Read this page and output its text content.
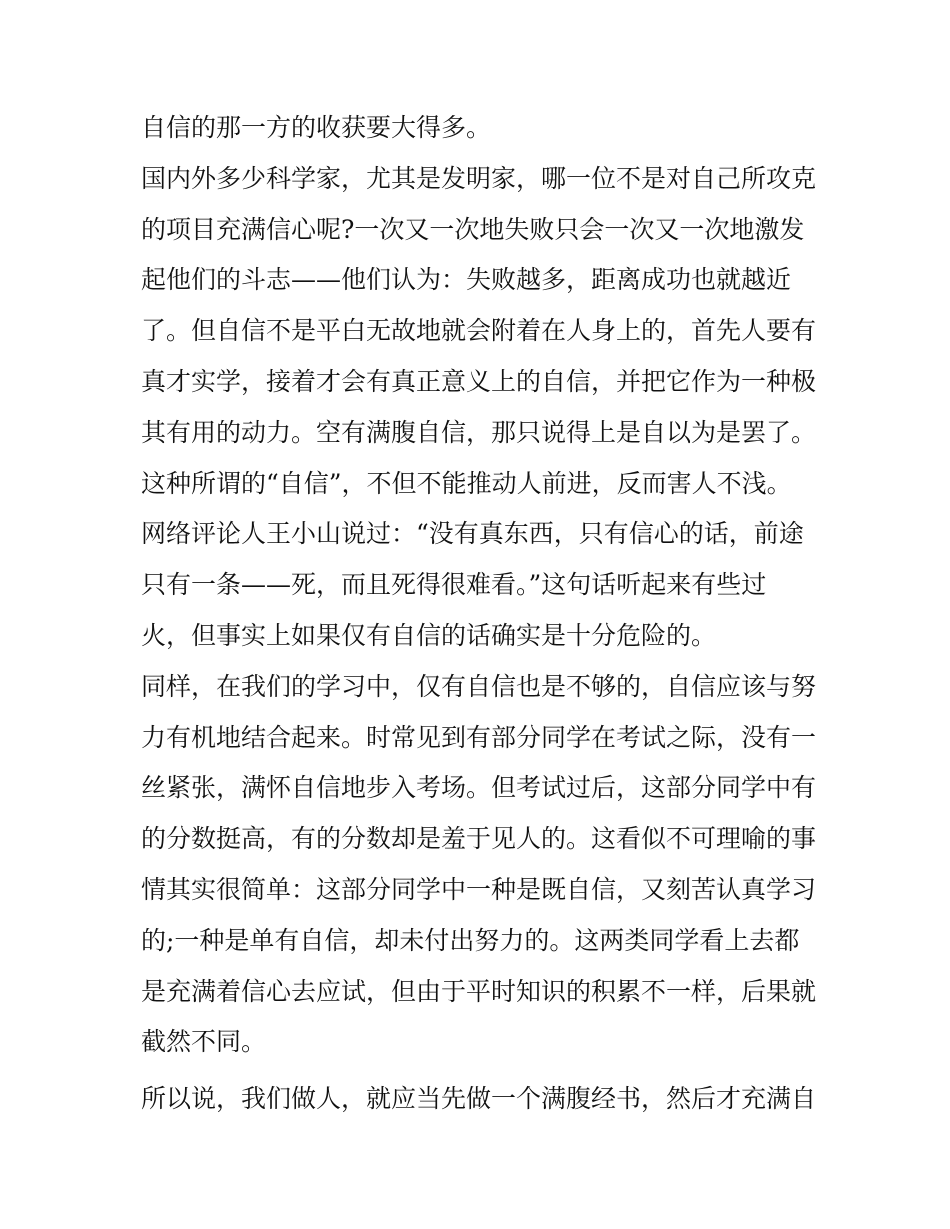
自信的那一方的收获要大得多。
国内外多少科学家，尤其是发明家，哪一位不是对自己所攻克
的项目充满信心呢?一次又一次地失败只会一次又一次地激发
起他们的斗志——他们认为：失败越多，距离成功也就越近
了。但自信不是平白无故地就会附着在人身上的，首先人要有
真才实学，接着才会有真正意义上的自信，并把它作为一种极
其有用的动力。空有满腹自信，那只说得上是自以为是罢了。
这种所谓的“自信”，不但不能推动人前进，反而害人不浅。
网络评论人王小山说过：“没有真东西，只有信心的话，前途
只有一条——死，而且死得很难看。”这句话听起来有些过
火，但事实上如果仅有自信的话确实是十分危险的。
同样，在我们的学习中，仅有自信也是不够的，自信应该与努
力有机地结合起来。时常见到有部分同学在考试之际，没有一
丝紧张，满怀自信地步入考场。但考试过后，这部分同学中有
的分数挺高，有的分数却是羞于见人的。这看似不可理喻的事
情其实很简单：这部分同学中一种是既自信，又刻苦认真学习
的;一种是单有自信，却未付出努力的。这两类同学看上去都
是充满着信心去应试，但由于平时知识的积累不一样，后果就
截然不同。
所以说，我们做人，就应当先做一个满腹经书，然后才充满自
